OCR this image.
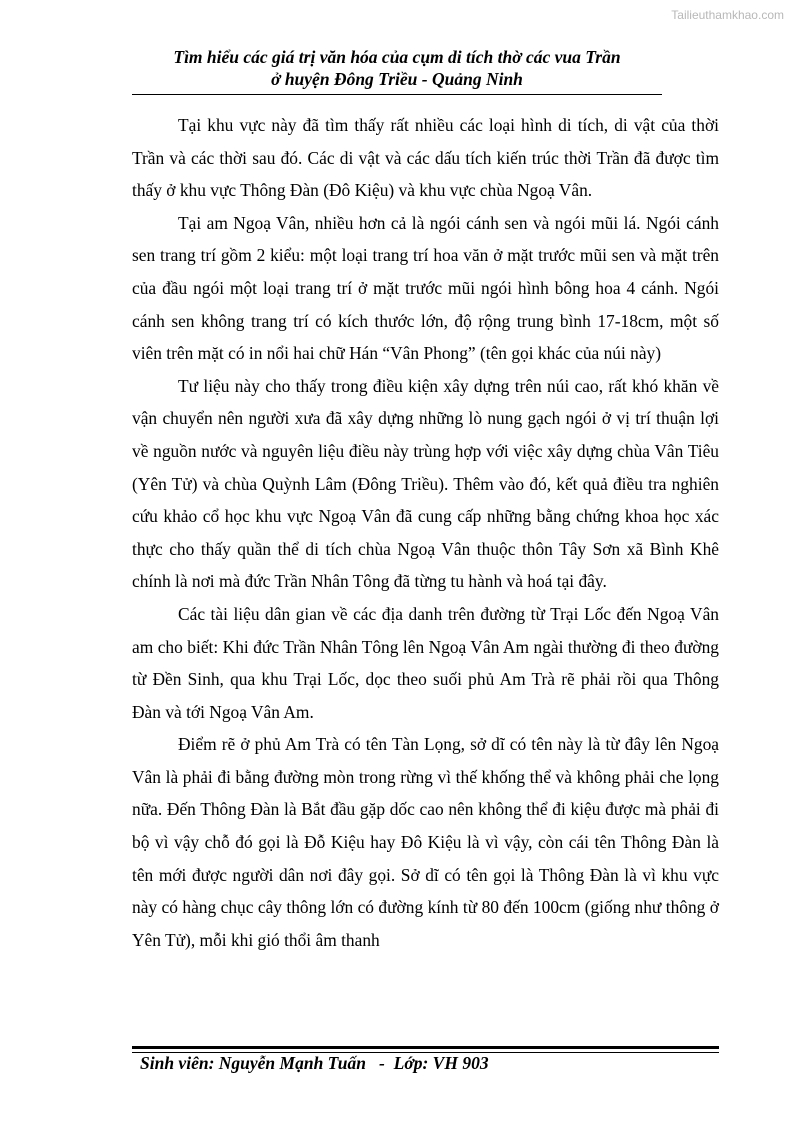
Tailieuthamkhao.com
Tìm hiểu các giá trị văn hóa của cụm di tích thờ các vua Trần
ở huyện Đông Triều - Quảng Ninh

Tại khu vực này đã tìm thấy rất nhiều các loại hình di tích, di vật của thời Trần và các thời sau đó. Các di vật và các dấu tích kiến trúc thời Trần đã được tìm thấy ở khu vực Thông Đàn (Đô Kiệu) và khu vực chùa Ngoạ Vân.

Tại am Ngoạ Vân, nhiều hơn cả là ngói cánh sen và ngói mũi lá. Ngói cánh sen trang trí gồm 2 kiểu: một loại trang trí hoa văn ở mặt trước mũi sen và mặt trên của đầu ngói một loại trang trí ở mặt trước mũi ngói hình bông hoa 4 cánh. Ngói cánh sen không trang trí có kích thước lớn, độ rộng trung bình 17-18cm, một số viên trên mặt có in nổi hai chữ Hán “Vân Phong” (tên gọi khác của núi này)

Tư liệu này cho thấy trong điều kiện xây dựng trên núi cao, rất khó khăn về vận chuyển nên người xưa đã xây dựng những lò nung gạch ngói ở vị trí thuận lợi về nguồn nước và nguyên liệu điều này trùng hợp với việc xây dựng chùa Vân Tiêu (Yên Tử) và chùa Quỳnh Lâm (Đông Triều). Thêm vào đó, kết quả điều tra nghiên cứu khảo cổ học khu vực Ngoạ Vân đã cung cấp những bằng chứng khoa học xác thực cho thấy quần thể di tích chùa Ngoạ Vân thuộc thôn Tây Sơn xã Bình Khê chính là nơi mà đức Trần Nhân Tông đã từng tu hành và hoá tại đây.

Các tài liệu dân gian về các địa danh trên đường từ Trại Lốc đến Ngoạ Vân am cho biết: Khi đức Trần Nhân Tông lên Ngoạ Vân Am ngài thường đi theo đường từ Đền Sinh, qua khu Trại Lốc, dọc theo suối phủ Am Trà rẽ phải rồi qua Thông Đàn và tới Ngoạ Vân Am.

Điểm rẽ ở phủ Am Trà có tên Tàn Lọng, sở dĩ có tên này là từ đây lên Ngoạ Vân là phải đi bằng đường mòn trong rừng vì thế khống thể và không phải che lọng nữa. Đến Thông Đàn là Bắt đầu gặp dốc cao nên không thể đi kiệu được mà phải đi bộ vì vậy chỗ đó gọi là Đỗ Kiệu hay Đô Kiệu là vì vậy, còn cái tên Thông Đàn là tên mới được người dân nơi đây gọi. Sở dĩ có tên gọi là Thông Đàn là vì khu vực này có hàng chục cây thông lớn có đường kính từ 80 đến 100cm (giống như thông ở Yên Tử), mỗi khi gió thổi âm thanh

Sinh viên: Nguyễn Mạnh Tuấn   -  Lớp: VH 903
